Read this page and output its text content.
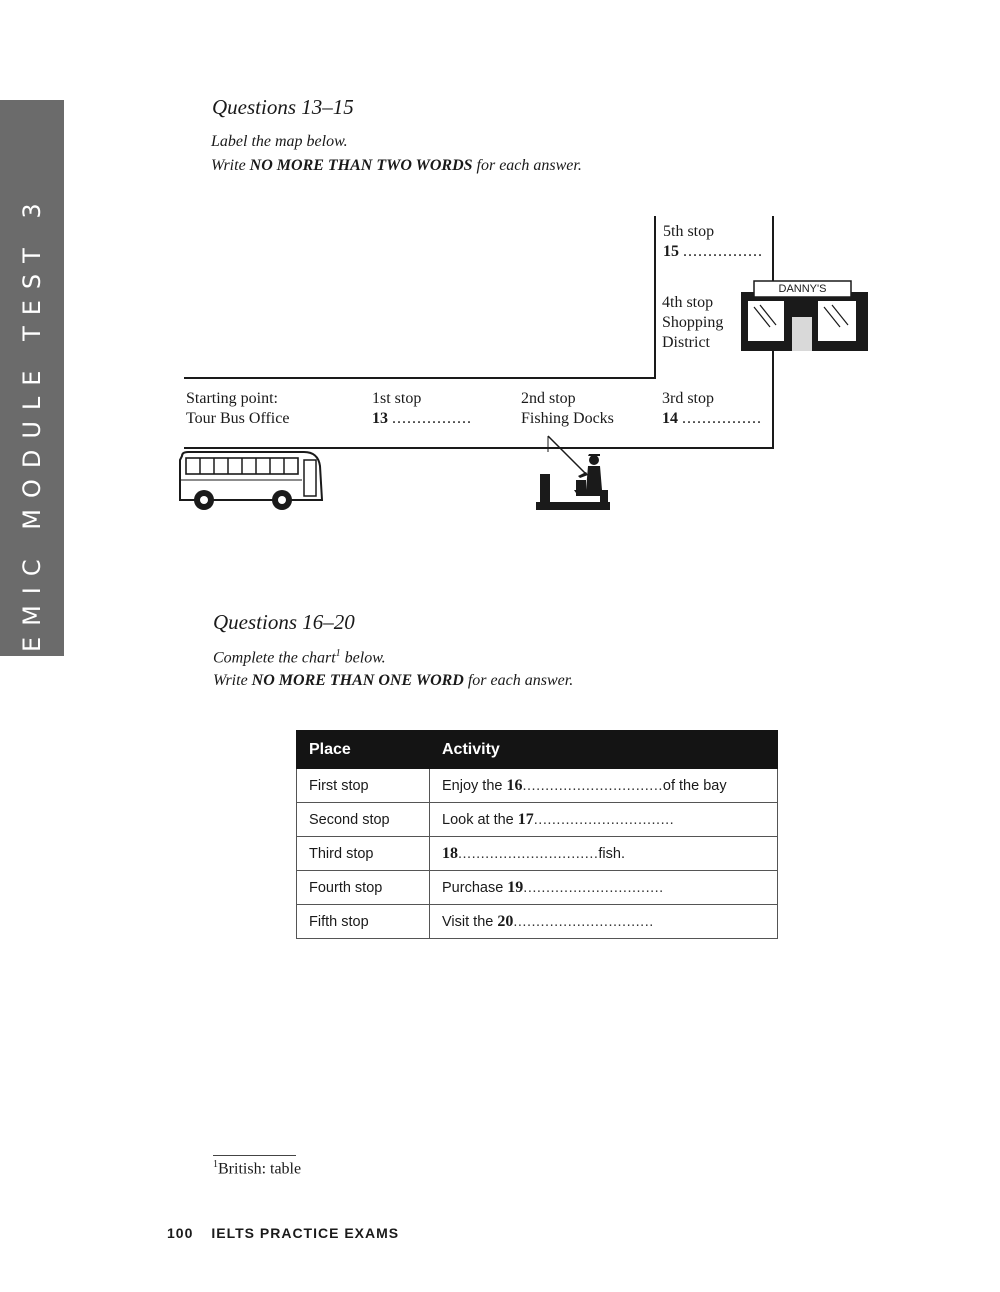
ACADEMIC MODULE TEST 3
Questions 13–15
Label the map below.
Write NO MORE THAN TWO WORDS for each answer.
Starting point:
Tour Bus Office
1st stop
13 ................
2nd stop
Fishing Docks
3rd stop
14 ................
4th stop
Shopping
District
5th stop
15 ................
DANNY'S
Questions 16–20
Complete the chart$^1$ below.
Write NO MORE THAN ONE WORD for each answer.
Place	Activity
First stop	Enjoy the 16...............................of the bay
Second stop	Look at the 17...............................
Third stop	18...............................fish.
Fourth stop	Purchase 19...............................
Fifth stop	Visit the 20...............................
$^1$British: table
100 IELTS PRACTICE EXAMS
